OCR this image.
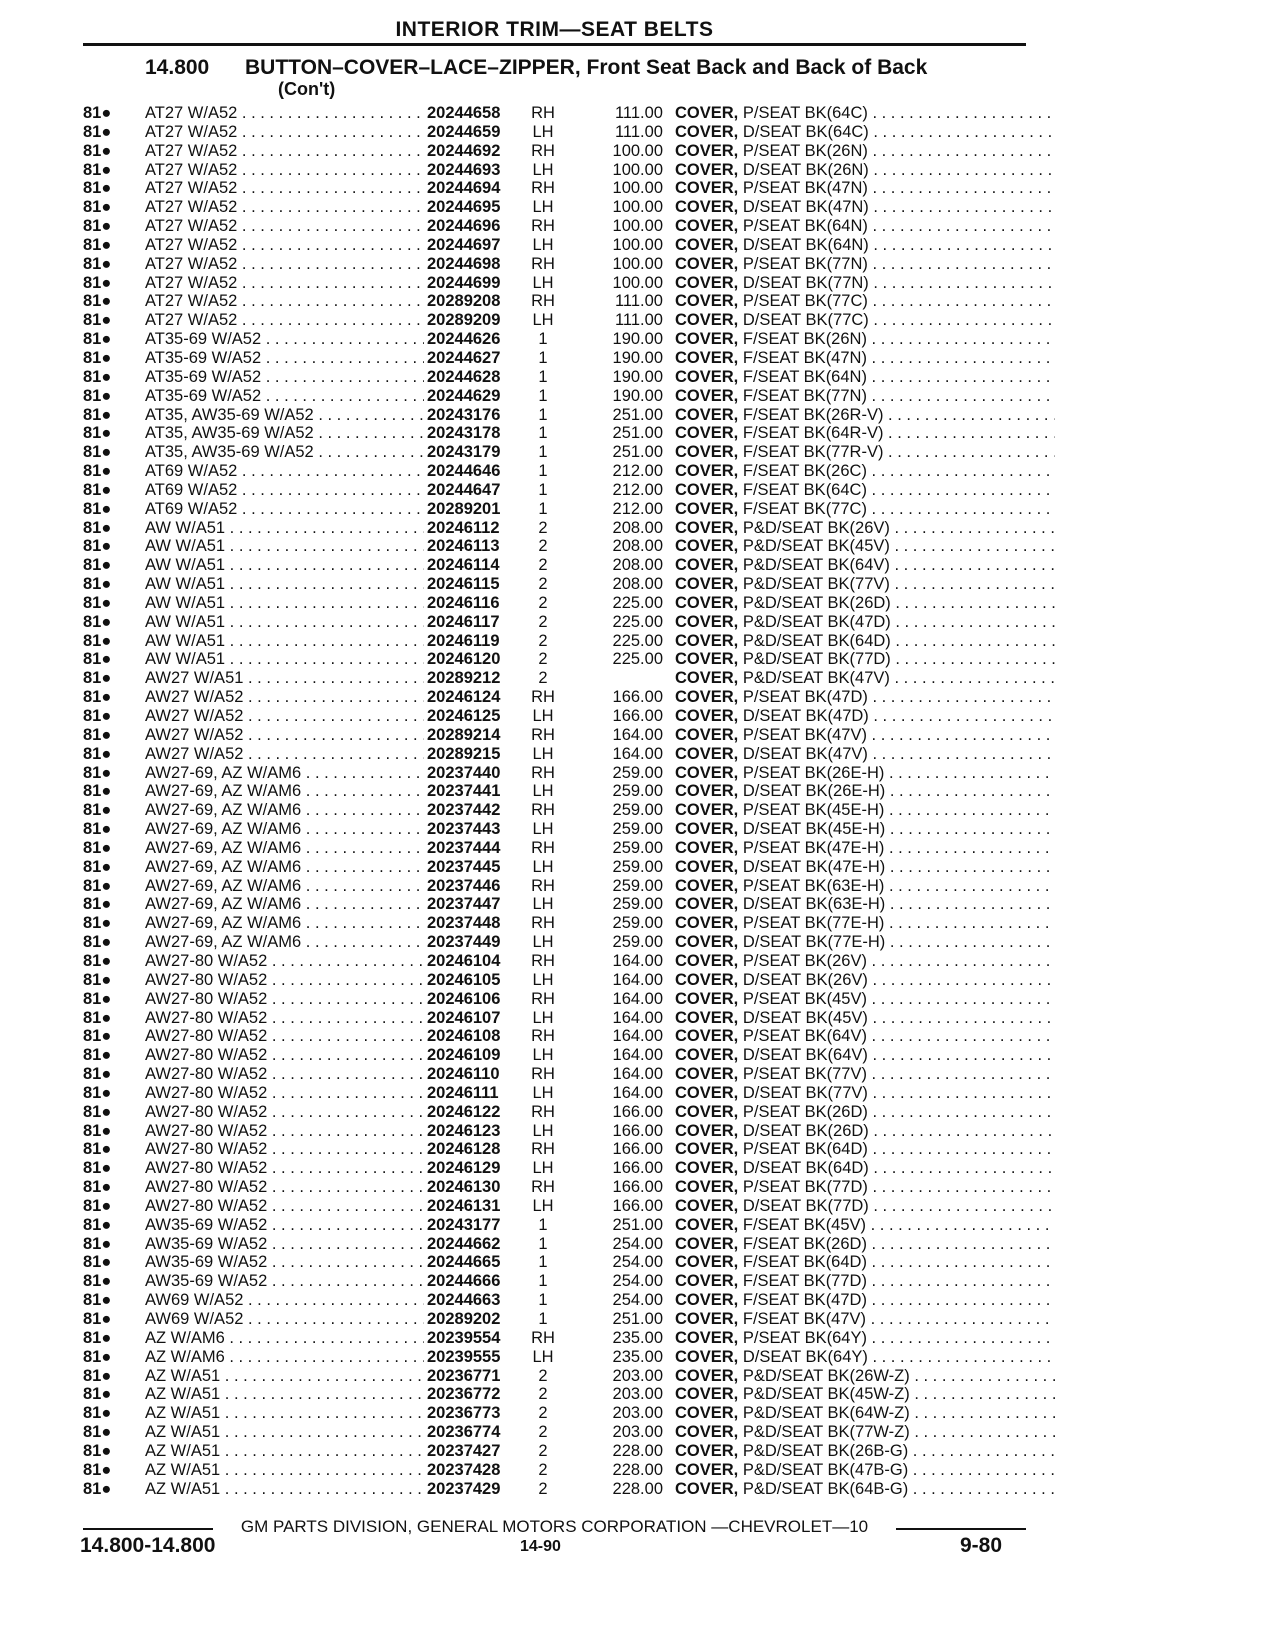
INTERIOR TRIM—SEAT BELTS
14.800 BUTTON–COVER–LACE–ZIPPER, Front Seat Back and Back of Back
(Con't)
81● AT27 W/A52 . . .	20244658	RH	111.00 COVER, P/SEAT BK(64C) . . .
81● AT27 W/A52 . . .	20244659	LH	111.00 COVER, D/SEAT BK(64C) . . .
81● AT27 W/A52 . . .	20244692	RH	100.00 COVER, P/SEAT BK(26N) . . .
81● AT27 W/A52 . . .	20244693	LH	100.00 COVER, D/SEAT BK(26N) . . .
81● AT27 W/A52 . . .	20244694	RH	100.00 COVER, P/SEAT BK(47N) . . .
81● AT27 W/A52 . . .	20244695	LH	100.00 COVER, D/SEAT BK(47N) . . .
81● AT27 W/A52 . . .	20244696	RH	100.00 COVER, P/SEAT BK(64N) . . .
81● AT27 W/A52 . . .	20244697	LH	100.00 COVER, D/SEAT BK(64N) . . .
81● AT27 W/A52 . . .	20244698	RH	100.00 COVER, P/SEAT BK(77N) . . .
81● AT27 W/A52 . . .	20244699	LH	100.00 COVER, D/SEAT BK(77N) . . .
81● AT27 W/A52 . . .	20289208	RH	111.00 COVER, P/SEAT BK(77C) . . .
81● AT27 W/A52 . . .	20289209	LH	111.00 COVER, D/SEAT BK(77C) . . .
81● AT35-69 W/A52 . . .	20244626	1	190.00 COVER, F/SEAT BK(26N) . . .
81● AT35-69 W/A52 . . .	20244627	1	190.00 COVER, F/SEAT BK(47N) . . .
81● AT35-69 W/A52 . . .	20244628	1	190.00 COVER, F/SEAT BK(64N) . . .
81● AT35-69 W/A52 . . .	20244629	1	190.00 COVER, F/SEAT BK(77N) . . .
81● AT35, AW35-69 W/A52 . . .	20243176	1	251.00 COVER, F/SEAT BK(26R-V) . . .
81● AT35, AW35-69 W/A52 . . .	20243178	1	251.00 COVER, F/SEAT BK(64R-V) . . .
81● AT35, AW35-69 W/A52 . . .	20243179	1	251.00 COVER, F/SEAT BK(77R-V) . . .
81● AT69 W/A52 . . .	20244646	1	212.00 COVER, F/SEAT BK(26C) . . .
81● AT69 W/A52 . . .	20244647	1	212.00 COVER, F/SEAT BK(64C) . . .
81● AT69 W/A52 . . .	20289201	1	212.00 COVER, F/SEAT BK(77C) . . .
81● AW W/A51 . . .	20246112	2	208.00 COVER, P&D/SEAT BK(26V) . . .
81● AW W/A51 . . .	20246113	2	208.00 COVER, P&D/SEAT BK(45V) . . .
81● AW W/A51 . . .	20246114	2	208.00 COVER, P&D/SEAT BK(64V) . . .
81● AW W/A51 . . .	20246115	2	208.00 COVER, P&D/SEAT BK(77V) . . .
81● AW W/A51 . . .	20246116	2	225.00 COVER, P&D/SEAT BK(26D) . . .
81● AW W/A51 . . .	20246117	2	225.00 COVER, P&D/SEAT BK(47D) . . .
81● AW W/A51 . . .	20246119	2	225.00 COVER, P&D/SEAT BK(64D) . . .
81● AW W/A51 . . .	20246120	2	225.00 COVER, P&D/SEAT BK(77D) . . .
81● AW27 W/A51 . . .	20289212	2	COVER, P&D/SEAT BK(47V) . . .
81● AW27 W/A52 . . .	20246124	RH	166.00 COVER, P/SEAT BK(47D) . . .
81● AW27 W/A52 . . .	20246125	LH	166.00 COVER, D/SEAT BK(47D) . . .
81● AW27 W/A52 . . .	20289214	RH	164.00 COVER, P/SEAT BK(47V) . . .
81● AW27 W/A52 . . .	20289215	LH	164.00 COVER, D/SEAT BK(47V) . . .
81● AW27-69, AZ W/AM6 . . .	20237440	RH	259.00 COVER, P/SEAT BK(26E-H) . . .
81● AW27-69, AZ W/AM6 . . .	20237441	LH	259.00 COVER, D/SEAT BK(26E-H) . . .
81● AW27-69, AZ W/AM6 . . .	20237442	RH	259.00 COVER, P/SEAT BK(45E-H) . . .
81● AW27-69, AZ W/AM6 . . .	20237443	LH	259.00 COVER, D/SEAT BK(45E-H) . . .
81● AW27-69, AZ W/AM6 . . .	20237444	RH	259.00 COVER, P/SEAT BK(47E-H) . . .
81● AW27-69, AZ W/AM6 . . .	20237445	LH	259.00 COVER, D/SEAT BK(47E-H) . . .
81● AW27-69, AZ W/AM6 . . .	20237446	RH	259.00 COVER, P/SEAT BK(63E-H) . . .
81● AW27-69, AZ W/AM6 . . .	20237447	LH	259.00 COVER, D/SEAT BK(63E-H) . . .
81● AW27-69, AZ W/AM6 . . .	20237448	RH	259.00 COVER, P/SEAT BK(77E-H) . . .
81● AW27-69, AZ W/AM6 . . .	20237449	LH	259.00 COVER, D/SEAT BK(77E-H) . . .
81● AW27-80 W/A52 . . .	20246104	RH	164.00 COVER, P/SEAT BK(26V) . . .
81● AW27-80 W/A52 . . .	20246105	LH	164.00 COVER, D/SEAT BK(26V) . . .
81● AW27-80 W/A52 . . .	20246106	RH	164.00 COVER, P/SEAT BK(45V) . . .
81● AW27-80 W/A52 . . .	20246107	LH	164.00 COVER, D/SEAT BK(45V) . . .
81● AW27-80 W/A52 . . .	20246108	RH	164.00 COVER, P/SEAT BK(64V) . . .
81● AW27-80 W/A52 . . .	20246109	LH	164.00 COVER, D/SEAT BK(64V) . . .
81● AW27-80 W/A52 . . .	20246110	RH	164.00 COVER, P/SEAT BK(77V) . . .
81● AW27-80 W/A52 . . .	20246111	LH	164.00 COVER, D/SEAT BK(77V) . . .
81● AW27-80 W/A52 . . .	20246122	RH	166.00 COVER, P/SEAT BK(26D) . . .
81● AW27-80 W/A52 . . .	20246123	LH	166.00 COVER, D/SEAT BK(26D) . . .
81● AW27-80 W/A52 . . .	20246128	RH	166.00 COVER, P/SEAT BK(64D) . . .
81● AW27-80 W/A52 . . .	20246129	LH	166.00 COVER, D/SEAT BK(64D) . . .
81● AW27-80 W/A52 . . .	20246130	RH	166.00 COVER, P/SEAT BK(77D) . . .
81● AW27-80 W/A52 . . .	20246131	LH	166.00 COVER, D/SEAT BK(77D) . . .
81● AW35-69 W/A52 . . .	20243177	1	251.00 COVER, F/SEAT BK(45V) . . .
81● AW35-69 W/A52 . . .	20244662	1	254.00 COVER, F/SEAT BK(26D) . . .
81● AW35-69 W/A52 . . .	20244665	1	254.00 COVER, F/SEAT BK(64D) . . .
81● AW35-69 W/A52 . . .	20244666	1	254.00 COVER, F/SEAT BK(77D) . . .
81● AW69 W/A52 . . .	20244663	1	254.00 COVER, F/SEAT BK(47D) . . .
81● AW69 W/A52 . . .	20289202	1	251.00 COVER, F/SEAT BK(47V) . . .
81● AZ W/AM6 . . .	20239554	RH	235.00 COVER, P/SEAT BK(64Y) . . .
81● AZ W/AM6 . . .	20239555	LH	235.00 COVER, D/SEAT BK(64Y) . . .
81● AZ W/A51 . . .	20236771	2	203.00 COVER, P&D/SEAT BK(26W-Z) . . .
81● AZ W/A51 . . .	20236772	2	203.00 COVER, P&D/SEAT BK(45W-Z) . . .
81● AZ W/A51 . . .	20236773	2	203.00 COVER, P&D/SEAT BK(64W-Z) . . .
81● AZ W/A51 . . .	20236774	2	203.00 COVER, P&D/SEAT BK(77W-Z) . . .
81● AZ W/A51 . . .	20237427	2	228.00 COVER, P&D/SEAT BK(26B-G) . . .
81● AZ W/A51 . . .	20237428	2	228.00 COVER, P&D/SEAT BK(47B-G) . . .
81● AZ W/A51 . . .	20237429	2	228.00 COVER, P&D/SEAT BK(64B-G) . . .
GM PARTS DIVISION, GENERAL MOTORS CORPORATION —CHEVROLET—10
14.800-14.800	14-90	9-80
